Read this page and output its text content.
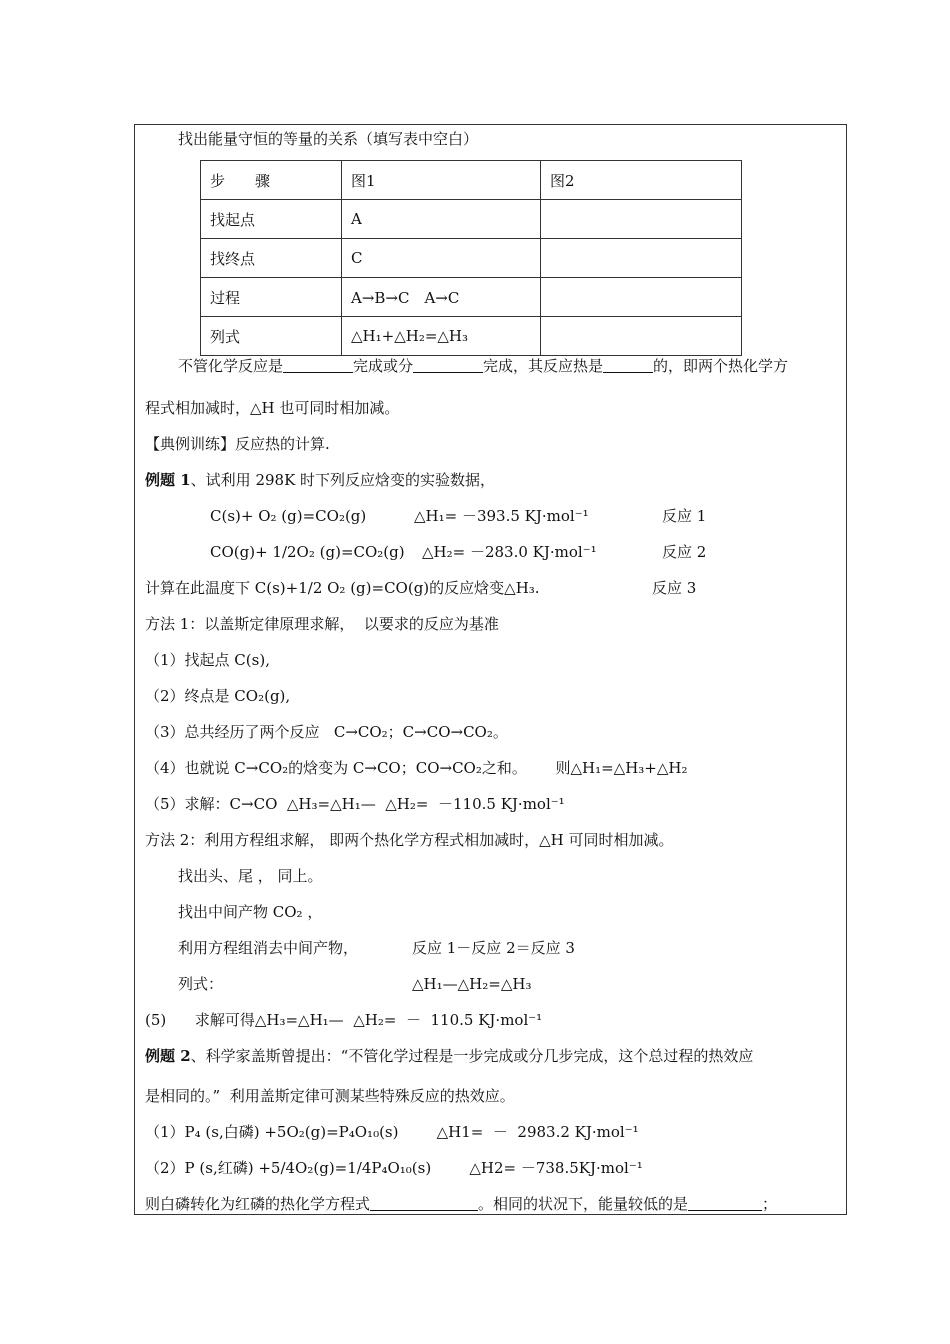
找出能量守恒的等量的关系（填写表中空白）
步　　骤	图1	图2
找起点	A	
找终点	C	
过程	A→B→C　A→C	
列式	△H₁+△H₂=△H₃	
不管化学反应是	完成或分	完成，其反应热是	的，即两个热化学方
程式相加减时，△H 也可同时相加减。
【典例训练】反应热的计算.
例题 1、试利用 298K 时下列反应焓变的实验数据，
C(s)+ O₂ (g)=CO₂(g)	△H₁= －393.5 KJ·mol⁻¹	反应 1
CO(g)+ 1/2O₂ (g)=CO₂(g) △H₂= －283.0 KJ·mol⁻¹	反应 2
计算在此温度下 C(s)+1/2 O₂ (g)=CO(g)的反应焓变△H₃.	反应 3
方法 1：以盖斯定律原理求解，  以要求的反应为基准
（1）找起点 C(s),
（2）终点是 CO₂(g),
（3）总共经历了两个反应   C→CO₂；C→CO→CO₂。
（4）也就说 C→CO₂的焓变为 C→CO；CO→CO₂之和。      则△H₁=△H₃+△H₂
（5）求解：C→CO  △H₃=△H₁—  △H₂=  －110.5 KJ·mol⁻¹
方法 2：利用方程组求解， 即两个热化学方程式相加减时，△H 可同时相加减。
找出头、尾 ， 同上。
找出中间产物 CO₂ ，
利用方程组消去中间产物，	反应 1－反应 2＝反应 3
列式：	△H₁—△H₂=△H₃
(5)      求解可得△H₃=△H₁—  △H₂=  －  110.5 KJ·mol⁻¹
例题 2、科学家盖斯曾提出：“不管化学过程是一步完成或分几步完成，这个总过程的热效应
是相同的。”  利用盖斯定律可测某些特殊反应的热效应。
（1）P₄ (s,白磷) +5O₂(g)=P₄O₁₀(s)        △H1=  －  2983.2 KJ·mol⁻¹
（2）P (s,红磷) +5/4O₂(g)=1/4P₄O₁₀(s)        △H2= －738.5KJ·mol⁻¹
则白磷转化为红磷的热化学方程式	。相同的状况下，能量较低的是	；
